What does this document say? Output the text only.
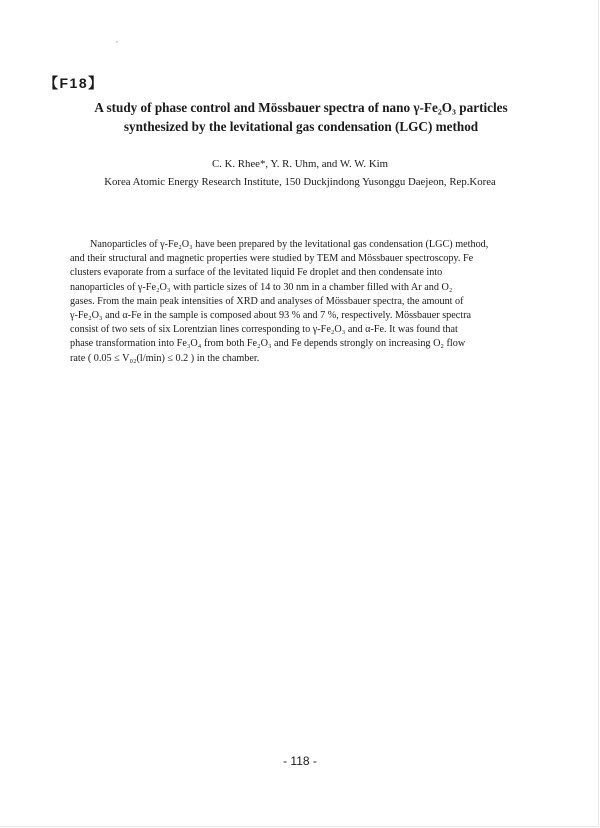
【F18】
A study of phase control and Mössbauer spectra of nano γ-Fe₂O₃ particles
synthesized by the levitational gas condensation (LGC) method
C. K. Rhee*, Y. R. Uhm, and W. W. Kim
Korea Atomic Energy Research Institute, 150 Duckjindong Yusonggu Daejeon, Rep.Korea
Nanoparticles of γ-Fe₂O₃ have been prepared by the levitational gas condensation (LGC) method,
and their structural and magnetic properties were studied by TEM and Mössbauer spectroscopy. Fe
clusters evaporate from a surface of the levitated liquid Fe droplet and then condensate into
nanoparticles of γ-Fe₂O₃ with particle sizes of 14 to 30 nm in a chamber filled with Ar and O₂
gases. From the main peak intensities of XRD and analyses of Mössbauer spectra, the amount of
γ-Fe₂O₃ and α-Fe in the sample is composed about 93 % and 7 %, respectively. Mössbauer spectra
consist of two sets of six Lorentzian lines corresponding to γ-Fe₂O₃ and α-Fe. It was found that
phase transformation into Fe₃O₄ from both Fe₂O₃ and Fe depends strongly on increasing O₂ flow
rate ( 0.05 ≤ V₀₂(l/min) ≤ 0.2 ) in the chamber.
- 118 -
